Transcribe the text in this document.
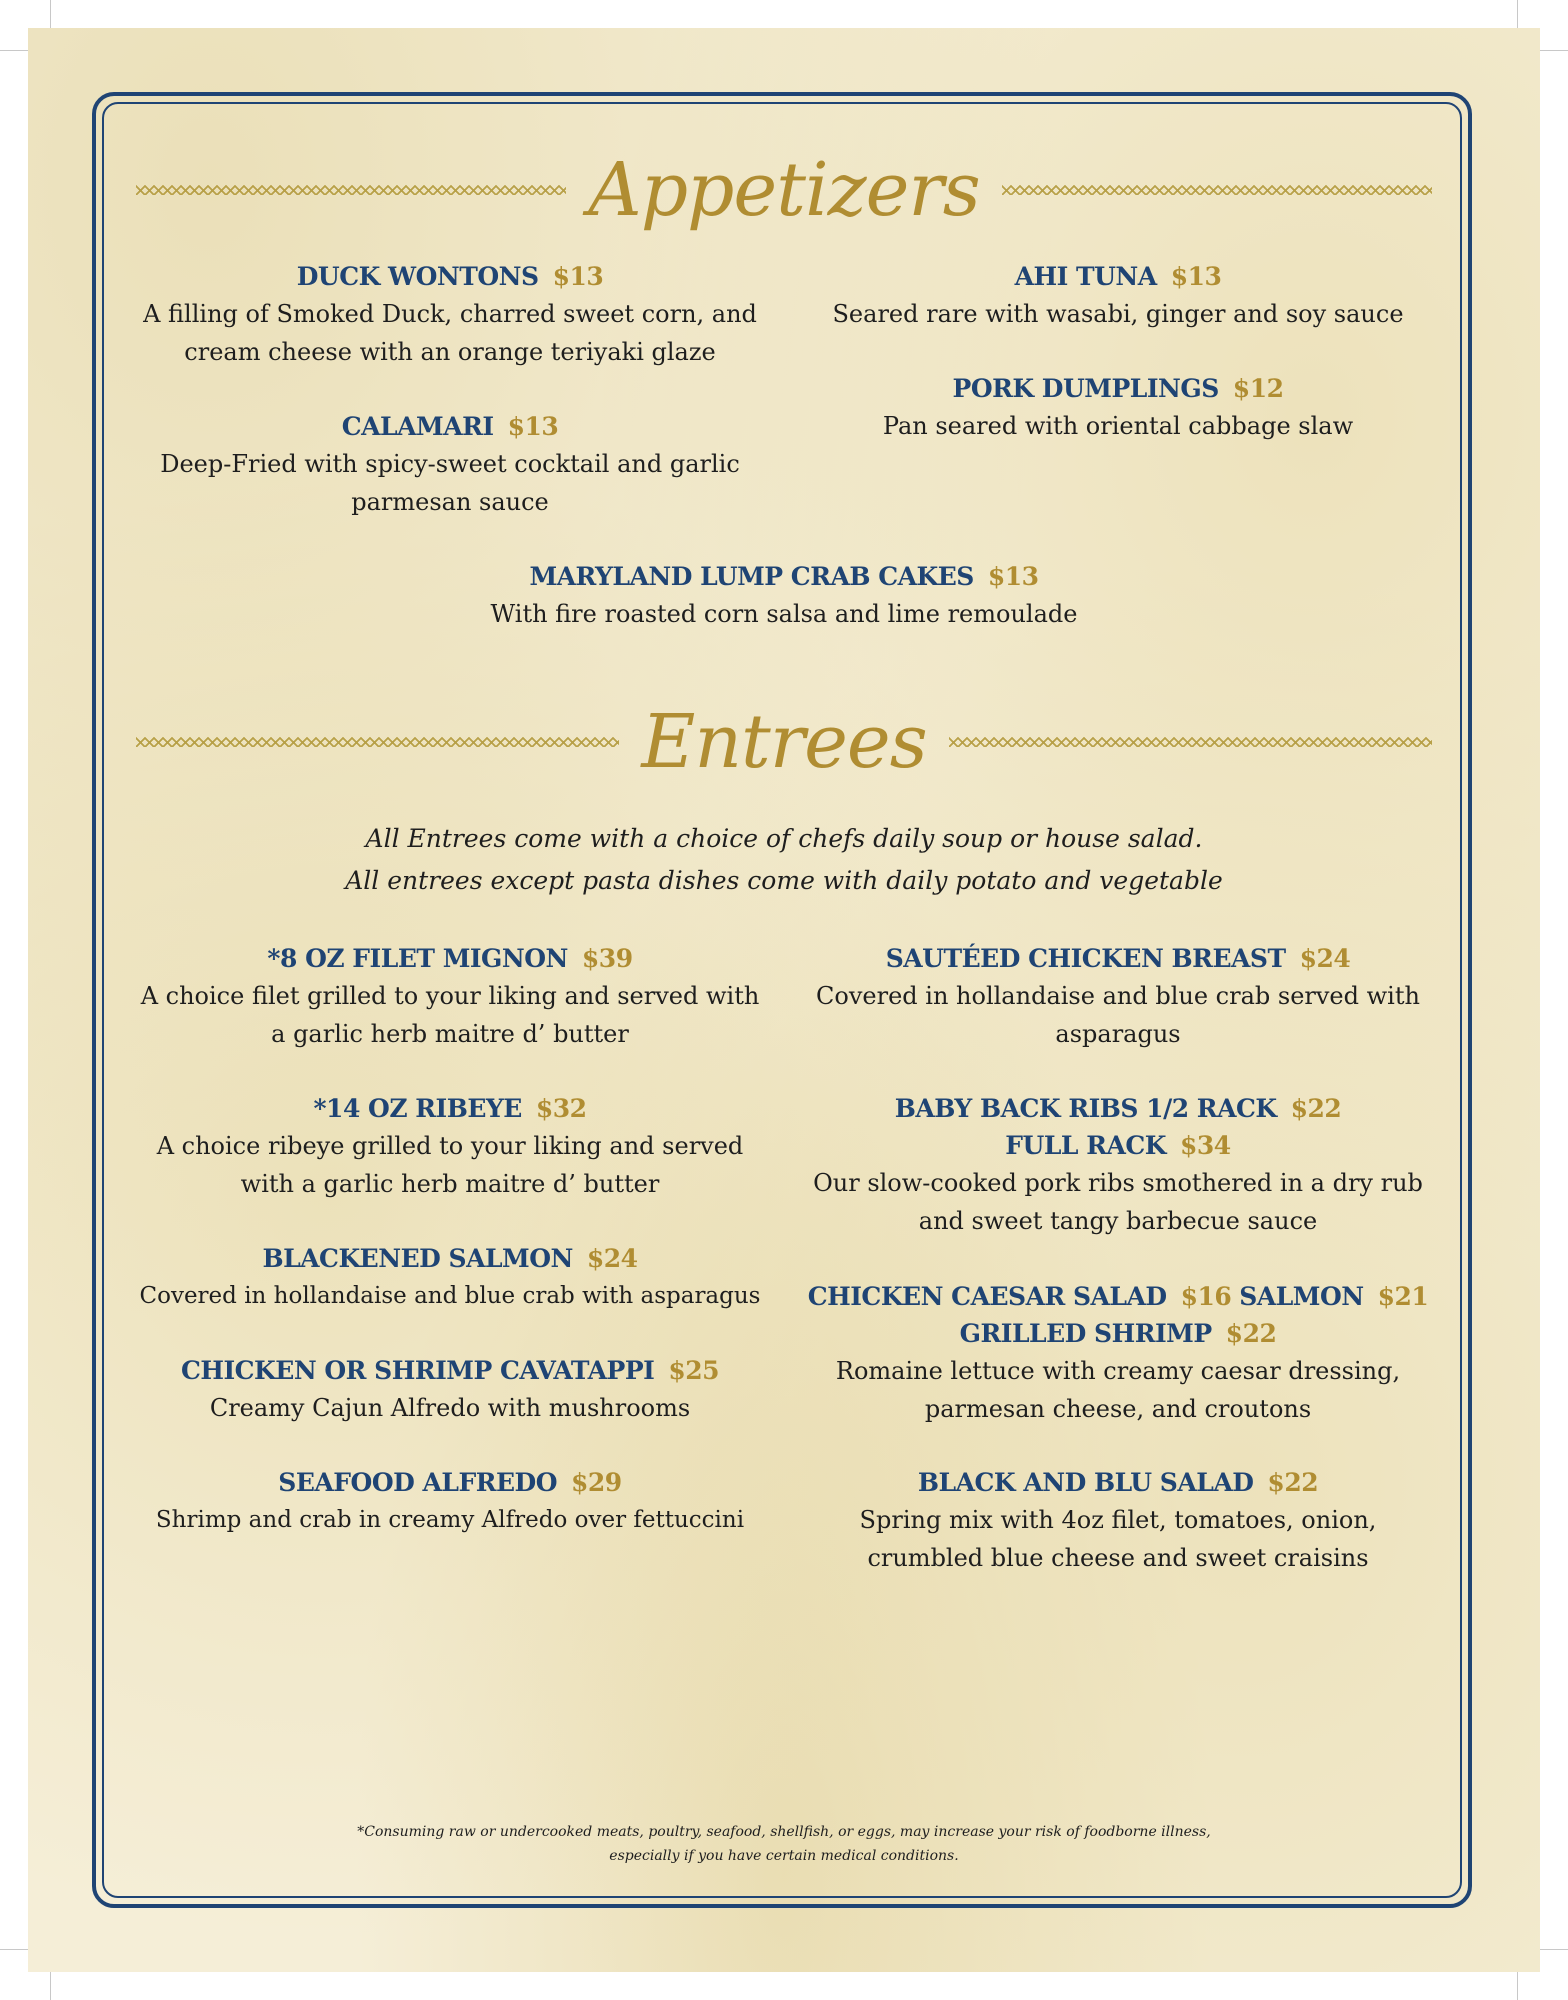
Appetizers
DUCK WONTONS $13
A filling of Smoked Duck, charred sweet corn, and cream cheese with an orange teriyaki glaze
AHI TUNA $13
Seared rare with wasabi, ginger and soy sauce
PORK DUMPLINGS $12
Pan seared with oriental cabbage slaw
CALAMARI $13
Deep-Fried with spicy-sweet cocktail and garlic parmesan sauce
MARYLAND LUMP CRAB CAKES $13
With fire roasted corn salsa and lime remoulade
Entrees
All Entrees come with a choice of chefs daily soup or house salad.
All entrees except pasta dishes come with daily potato and vegetable
*8 OZ FILET MIGNON $39
A choice filet grilled to your liking and served with a garlic herb maitre d’ butter
*14 OZ RIBEYE $32
A choice ribeye grilled to your liking and served with a garlic herb maitre d’ butter
BLACKENED SALMON $24
Covered in hollandaise and blue crab with asparagus
CHICKEN OR SHRIMP CAVATAPPI $25
Creamy Cajun Alfredo with mushrooms
SEAFOOD ALFREDO $29
Shrimp and crab in creamy Alfredo over fettuccini
SAUTÉED CHICKEN BREAST $24
Covered in hollandaise and blue crab served with asparagus
BABY BACK RIBS 1/2 RACK $22
FULL RACK $34
Our slow-cooked pork ribs smothered in a dry rub and sweet tangy barbecue sauce
CHICKEN CAESAR SALAD $16 SALMON $21
GRILLED SHRIMP $22
Romaine lettuce with creamy caesar dressing, parmesan cheese, and croutons
BLACK AND BLU SALAD $22
Spring mix with 4oz filet, tomatoes, onion, crumbled blue cheese and sweet craisins
*Consuming raw or undercooked meats, poultry, seafood, shellfish, or eggs, may increase your risk of foodborne illness,
especially if you have certain medical conditions.
